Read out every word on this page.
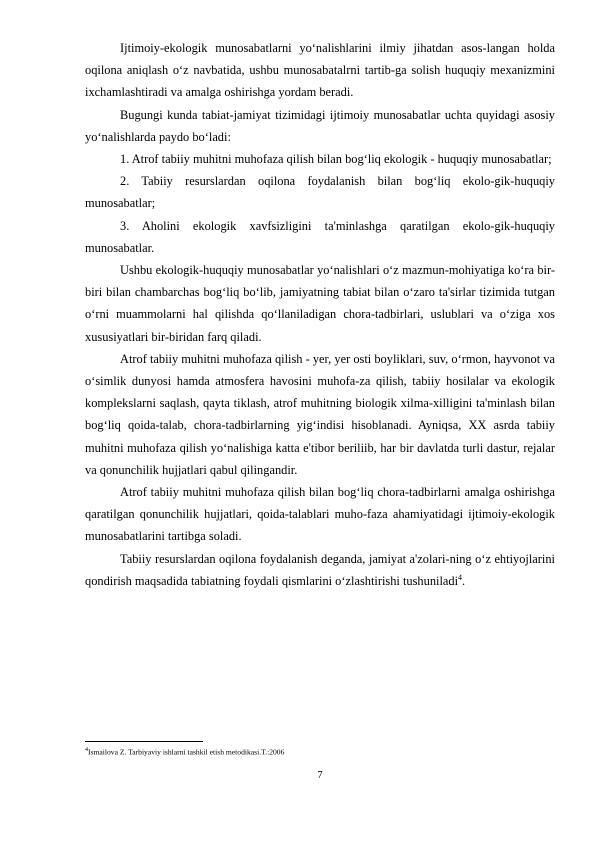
Ijtimoiy-ekologik munosabatlarni yo‘nalishlarini ilmiy jihatdan asos-langan holda oqilona aniqlash o‘z navbatida, ushbu munosabatalrni tartib-ga solish huquqiy mexanizmini ixchamlashtiradi va amalga oshirishga yordam beradi.

Bugungi kunda tabiat-jamiyat tizimidagi ijtimoiy munosabatlar uchta quyidagi asosiy yo‘nalishlarda paydo bo‘ladi:

1. Atrof tabiiy muhitni muhofaza qilish bilan bog‘liq ekologik - huquqiy munosabatlar;

2. Tabiiy resurslardan oqilona foydalanish bilan bog‘liq ekolo-gik-huquqiy munosabatlar;

3. Aholini ekologik xavfsizligini ta'minlashga qaratilgan ekolo-gik-huquqiy munosabatlar.

Ushbu ekologik-huquqiy munosabatlar yo‘nalishlari o‘z mazmun-mohiyatiga ko‘ra bir-biri bilan chambarchas bog‘liq bo‘lib, jamiyatning tabiat bilan o‘zaro ta'sirlar tizimida tutgan o‘rni muammolarni hal qilishda qo‘llaniladigan chora-tadbirlari, uslublari va o‘ziga xos xususiyatlari bir-biridan farq qiladi.

Atrof tabiiy muhitni muhofaza qilish - yer, yer osti boyliklari, suv, o‘rmon, hayvonot va o‘simlik dunyosi hamda atmosfera havosini muhofa-za qilish, tabiiy hosilalar va ekologik komplekslarni saqlash, qayta tiklash, atrof muhitning biologik xilma-xilligini ta'minlash bilan bog‘liq qoida-talab, chora-tadbirlarning yig‘indisi hisoblanadi. Ayniqsa, XX asrda tabiiy muhitni muhofaza qilish yo‘nalishiga katta e'tibor beriliib, har bir davlatda turli dastur, rejalar va qonunchilik hujjatlari qabul qilingandir.

Atrof tabiiy muhitni muhofaza qilish bilan bog‘liq chora-tadbirlarni amalga oshirishga qaratilgan qonunchilik hujjatlari, qoida-talablari muho-faza ahamiyatidagi ijtimoiy-ekologik munosabatlarini tartibga soladi.

Tabiiy resurslardan oqilona foydalanish deganda, jamiyat a'zolari-ning o‘z ehtiyojlarini qondirish maqsadida tabiatning foydali qismlarini o‘zlashtirishi tushuniladi$^4$.

$^4$Ismailova Z. Tarbiyaviy ishlarni tashkil etish metodikasi.T.:2006

7
